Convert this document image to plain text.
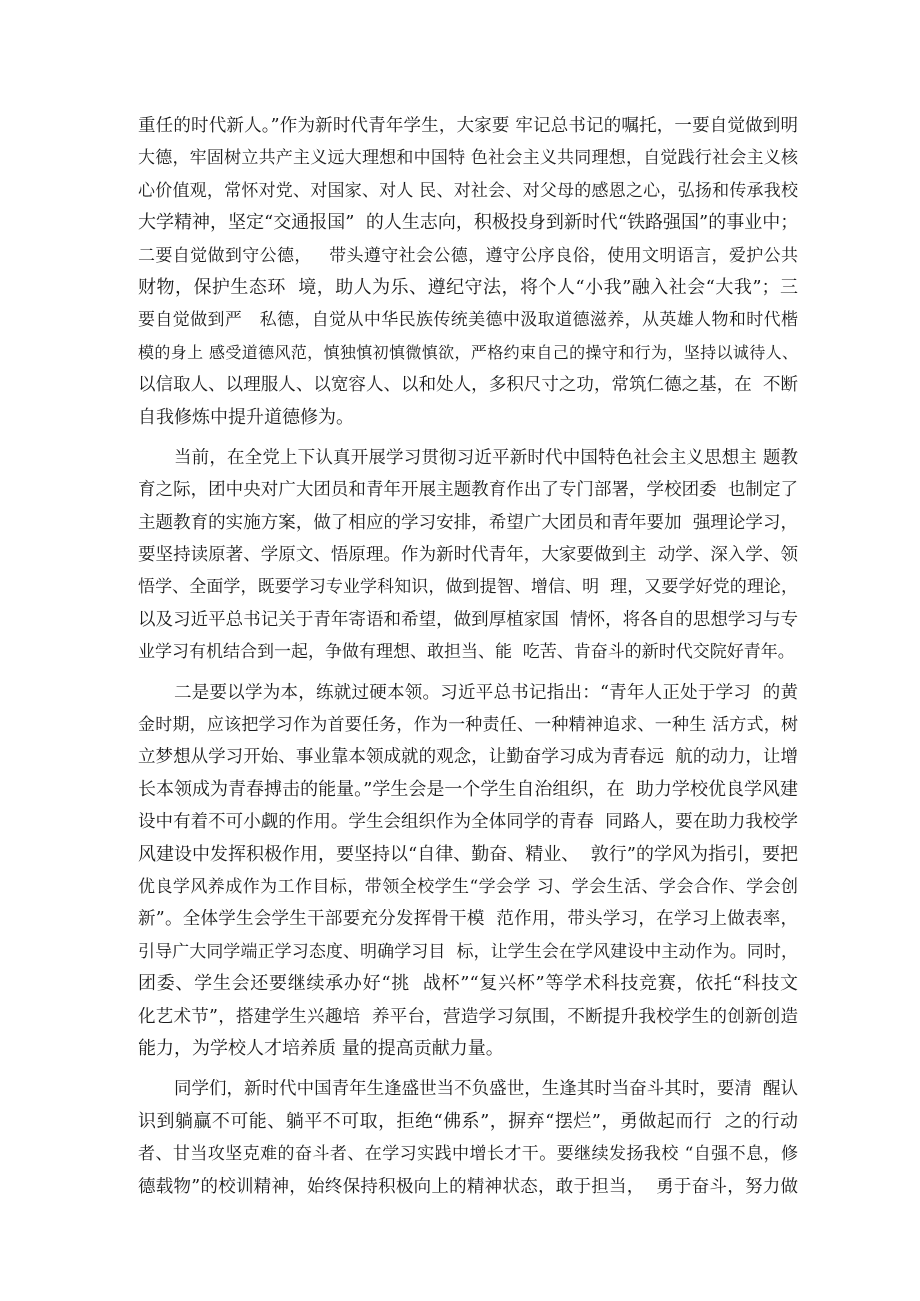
重任的时代新人。”作为新时代青年学生，大家要 牢记总书记的嘱托，一要自觉做到明
大德，牢固树立共产主义远大理想和中国特 色社会主义共同理想，自觉践行社会主义核
心价值观，常怀对党、对国家、对人 民、对社会、对父母的感恩之心，弘扬和传承我校
大学精神，坚定“交通报国”  的人生志向，积极投身到新时代“铁路强国”的事业中；
二要自觉做到守公德，   带头遵守社会公德，遵守公序良俗，使用文明语言，爱护公共
财物，保护生态环  境，助人为乐、遵纪守法，将个人“小我”融入社会“大我”；三
要自觉做到严   私德，自觉从中华民族传统美德中汲取道德滋养，从英雄人物和时代楷
模的身上 感受道德风范，慎独慎初慎微慎欲，严格约束自己的操守和行为，坚持以诚待人、
以信取人、以理服人、以宽容人、以和处人，多积尺寸之功，常筑仁德之基，在  不断
自我修炼中提升道德修为。
当前，在全党上下认真开展学习贯彻习近平新时代中国特色社会主义思想主 题教
育之际，团中央对广大团员和青年开展主题教育作出了专门部署，学校团委  也制定了
主题教育的实施方案，做了相应的学习安排，希望广大团员和青年要加  强理论学习，
要坚持读原著、学原文、悟原理。作为新时代青年，大家要做到主  动学、深入学、领
悟学、全面学，既要学习专业学科知识，做到提智、增信、明  理，又要学好党的理论，
以及习近平总书记关于青年寄语和希望，做到厚植家国  情怀，将各自的思想学习与专
业学习有机结合到一起，争做有理想、敢担当、能  吃苦、肯奋斗的新时代交院好青年。
二是要以学为本，练就过硬本领。习近平总书记指出：“青年人正处于学习  的黄
金时期，应该把学习作为首要任务，作为一种责任、一种精神追求、一种生 活方式，树
立梦想从学习开始、事业靠本领成就的观念，让勤奋学习成为青春远  航的动力，让增
长本领成为青春搏击的能量。”学生会是一个学生自治组织，在  助力学校优良学风建
设中有着不可小觑的作用。学生会组织作为全体同学的青春  同路人，要在助力我校学
风建设中发挥积极作用，要坚持以“自律、勤奋、精业、  敦行”的学风为指引，要把
优良学风养成作为工作目标，带领全校学生“学会学 习、学会生活、学会合作、学会创
新”。全体学生会学生干部要充分发挥骨干模  范作用，带头学习，在学习上做表率，
引导广大同学端正学习态度、明确学习目  标，让学生会在学风建设中主动作为。同时，
团委、学生会还要继续承办好“挑  战杯”“复兴杯”等学术科技竞赛，依托“科技文
化艺术节”，搭建学生兴趣培  养平台，营造学习氛围，不断提升我校学生的创新创造
能力，为学校人才培养质 量的提高贡献力量。
同学们，新时代中国青年生逢盛世当不负盛世，生逢其时当奋斗其时，要清  醒认
识到躺赢不可能、躺平不可取，拒绝“佛系”，摒弃“摆烂”，勇做起而行  之的行动
者、甘当攻坚克难的奋斗者、在学习实践中增长才干。要继续发扬我校 “自强不息，修
德载物”的校训精神，始终保持积极向上的精神状态，敢于担当，  勇于奋斗，努力做
